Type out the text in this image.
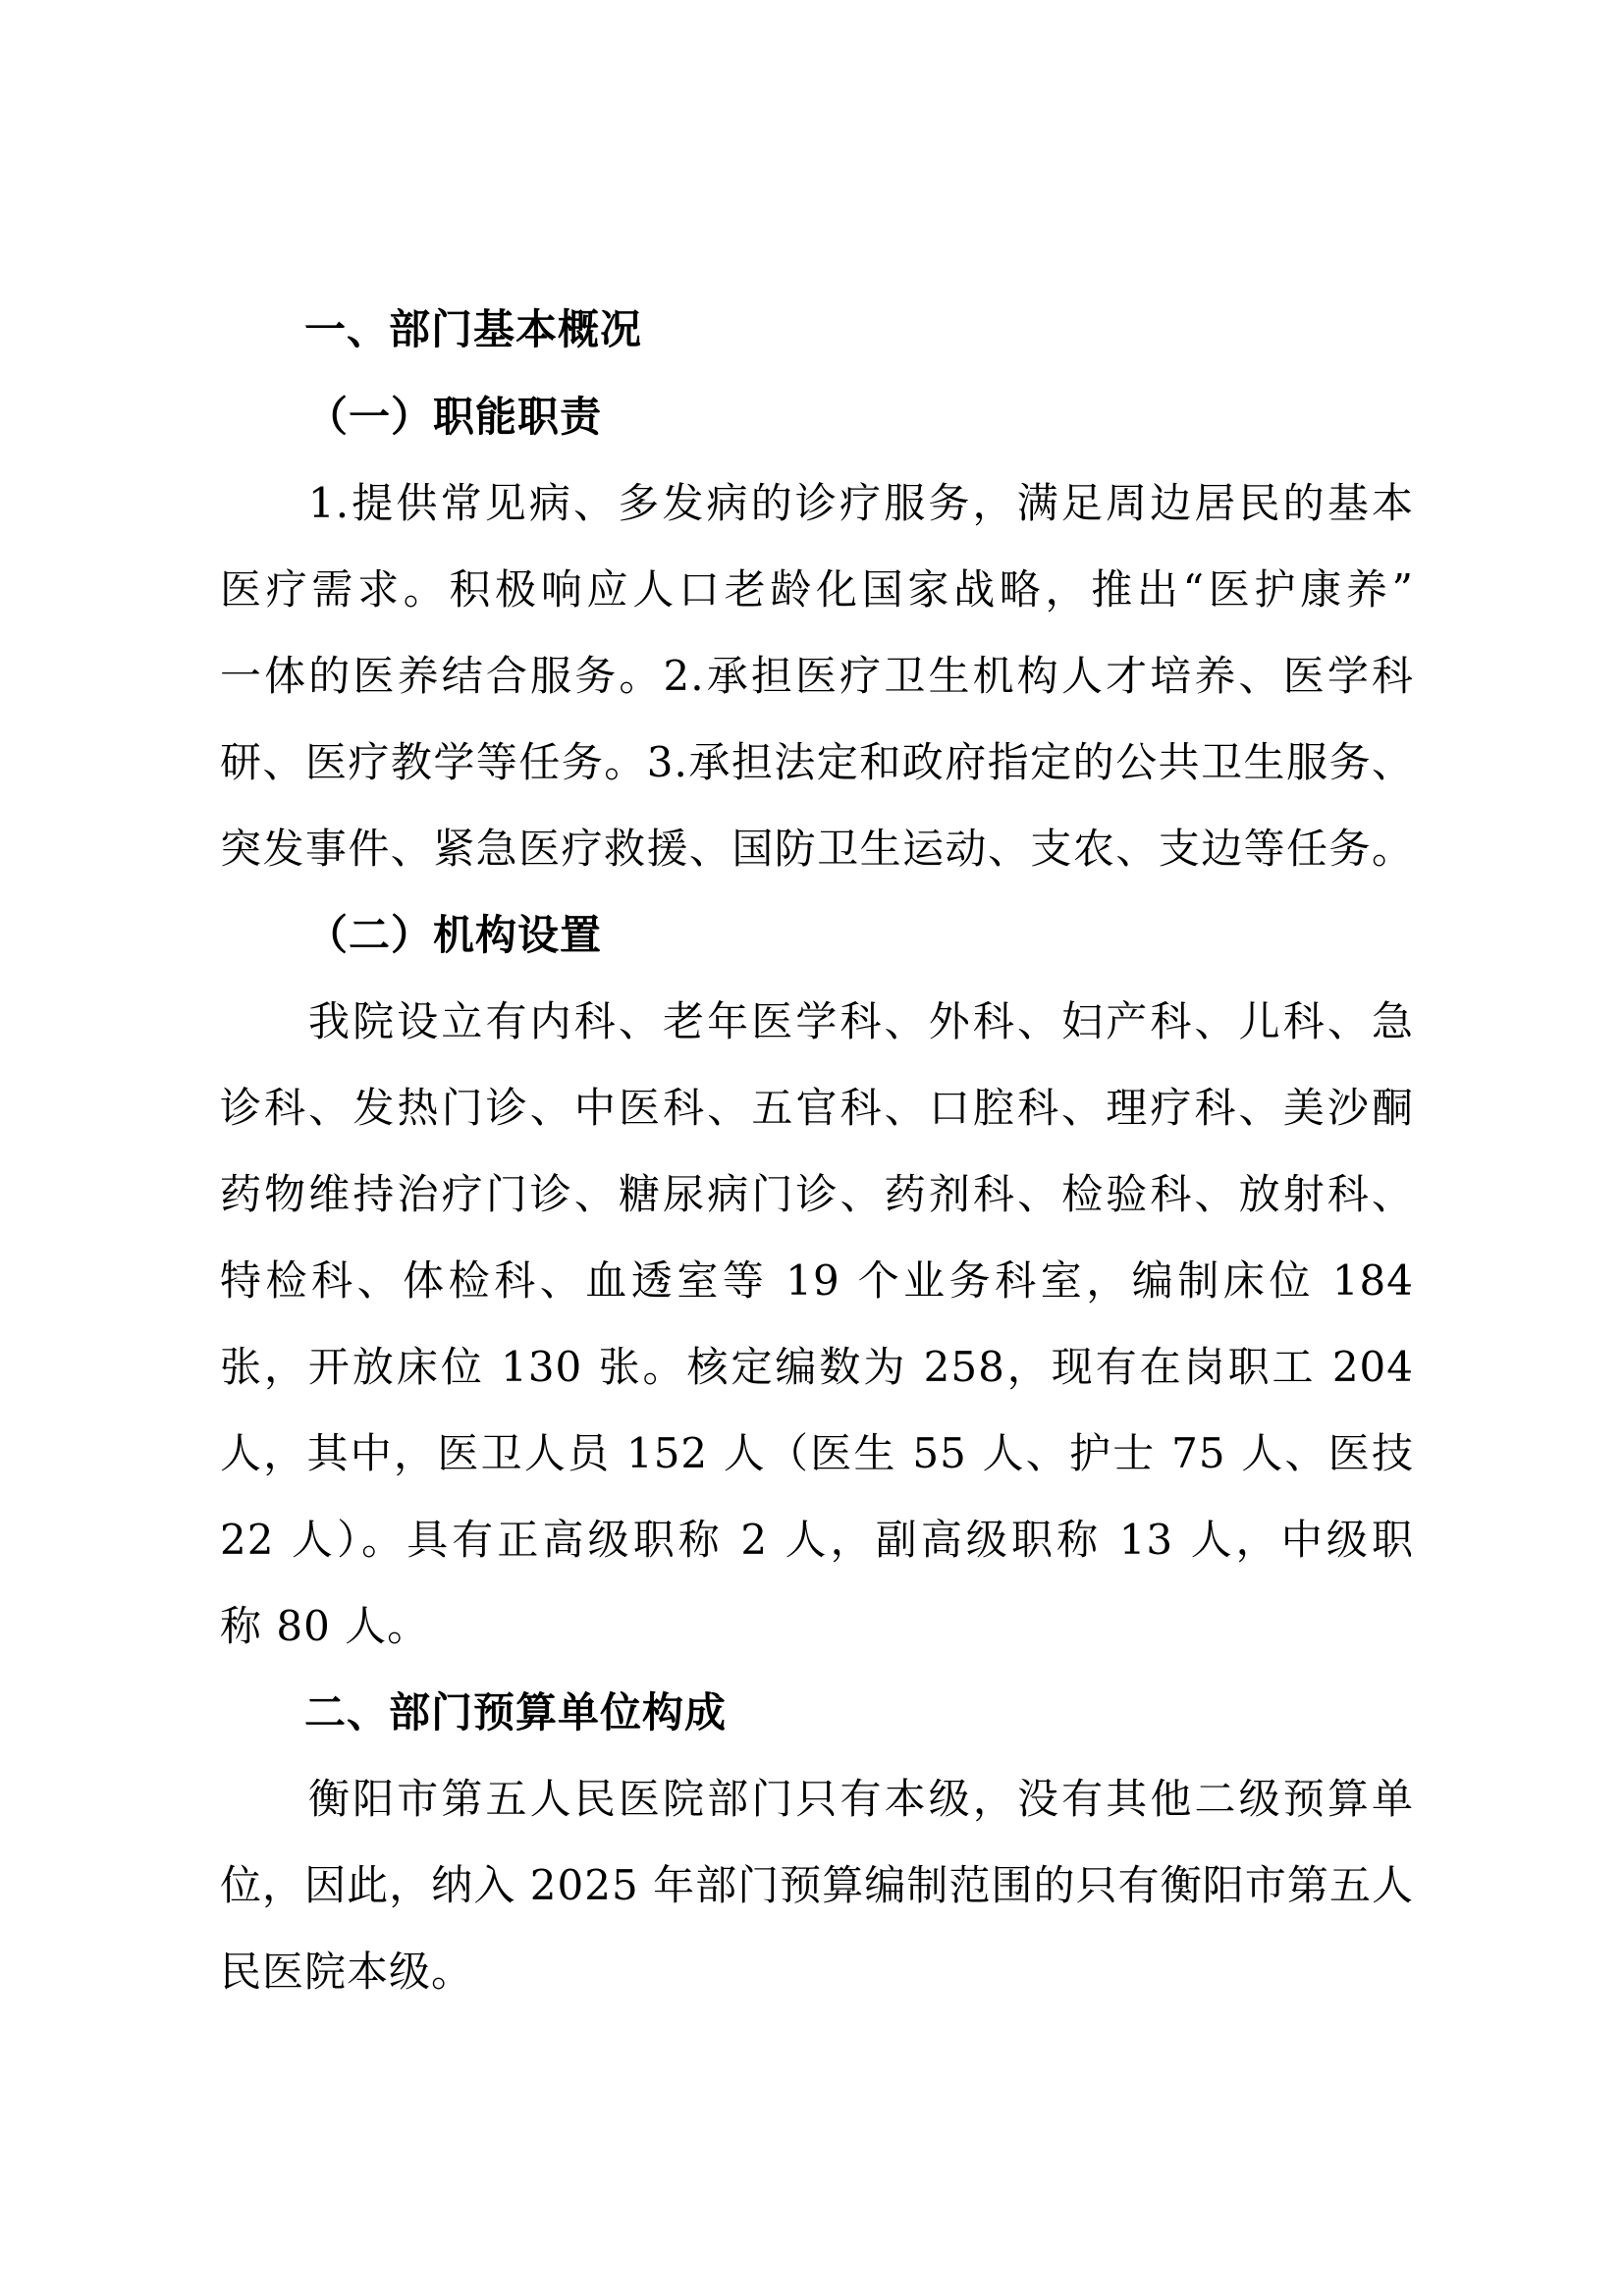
一、部门基本概况
（一）职能职责
1.提供常见病、多发病的诊疗服务，满足周边居民的基本
医疗需求。积极响应人口老龄化国家战略，推出“医护康养”
一体的医养结合服务。2.承担医疗卫生机构人才培养、医学科
研、医疗教学等任务。3.承担法定和政府指定的公共卫生服务、
突发事件、紧急医疗救援、国防卫生运动、支农、支边等任务。
（二）机构设置
我院设立有内科、老年医学科、外科、妇产科、儿科、急
诊科、发热门诊、中医科、五官科、口腔科、理疗科、美沙酮
药物维持治疗门诊、糖尿病门诊、药剂科、检验科、放射科、
特检科、体检科、血透室等 19 个业务科室，编制床位 184
张，开放床位 130 张。核定编数为 258，现有在岗职工 204
人，其中，医卫人员 152 人（医生 55 人、护士 75 人、医技
22 人）。具有正高级职称 2 人，副高级职称 13 人，中级职
称 80 人。
二、部门预算单位构成
衡阳市第五人民医院部门只有本级，没有其他二级预算单
位，因此，纳入 2025 年部门预算编制范围的只有衡阳市第五人
民医院本级。
